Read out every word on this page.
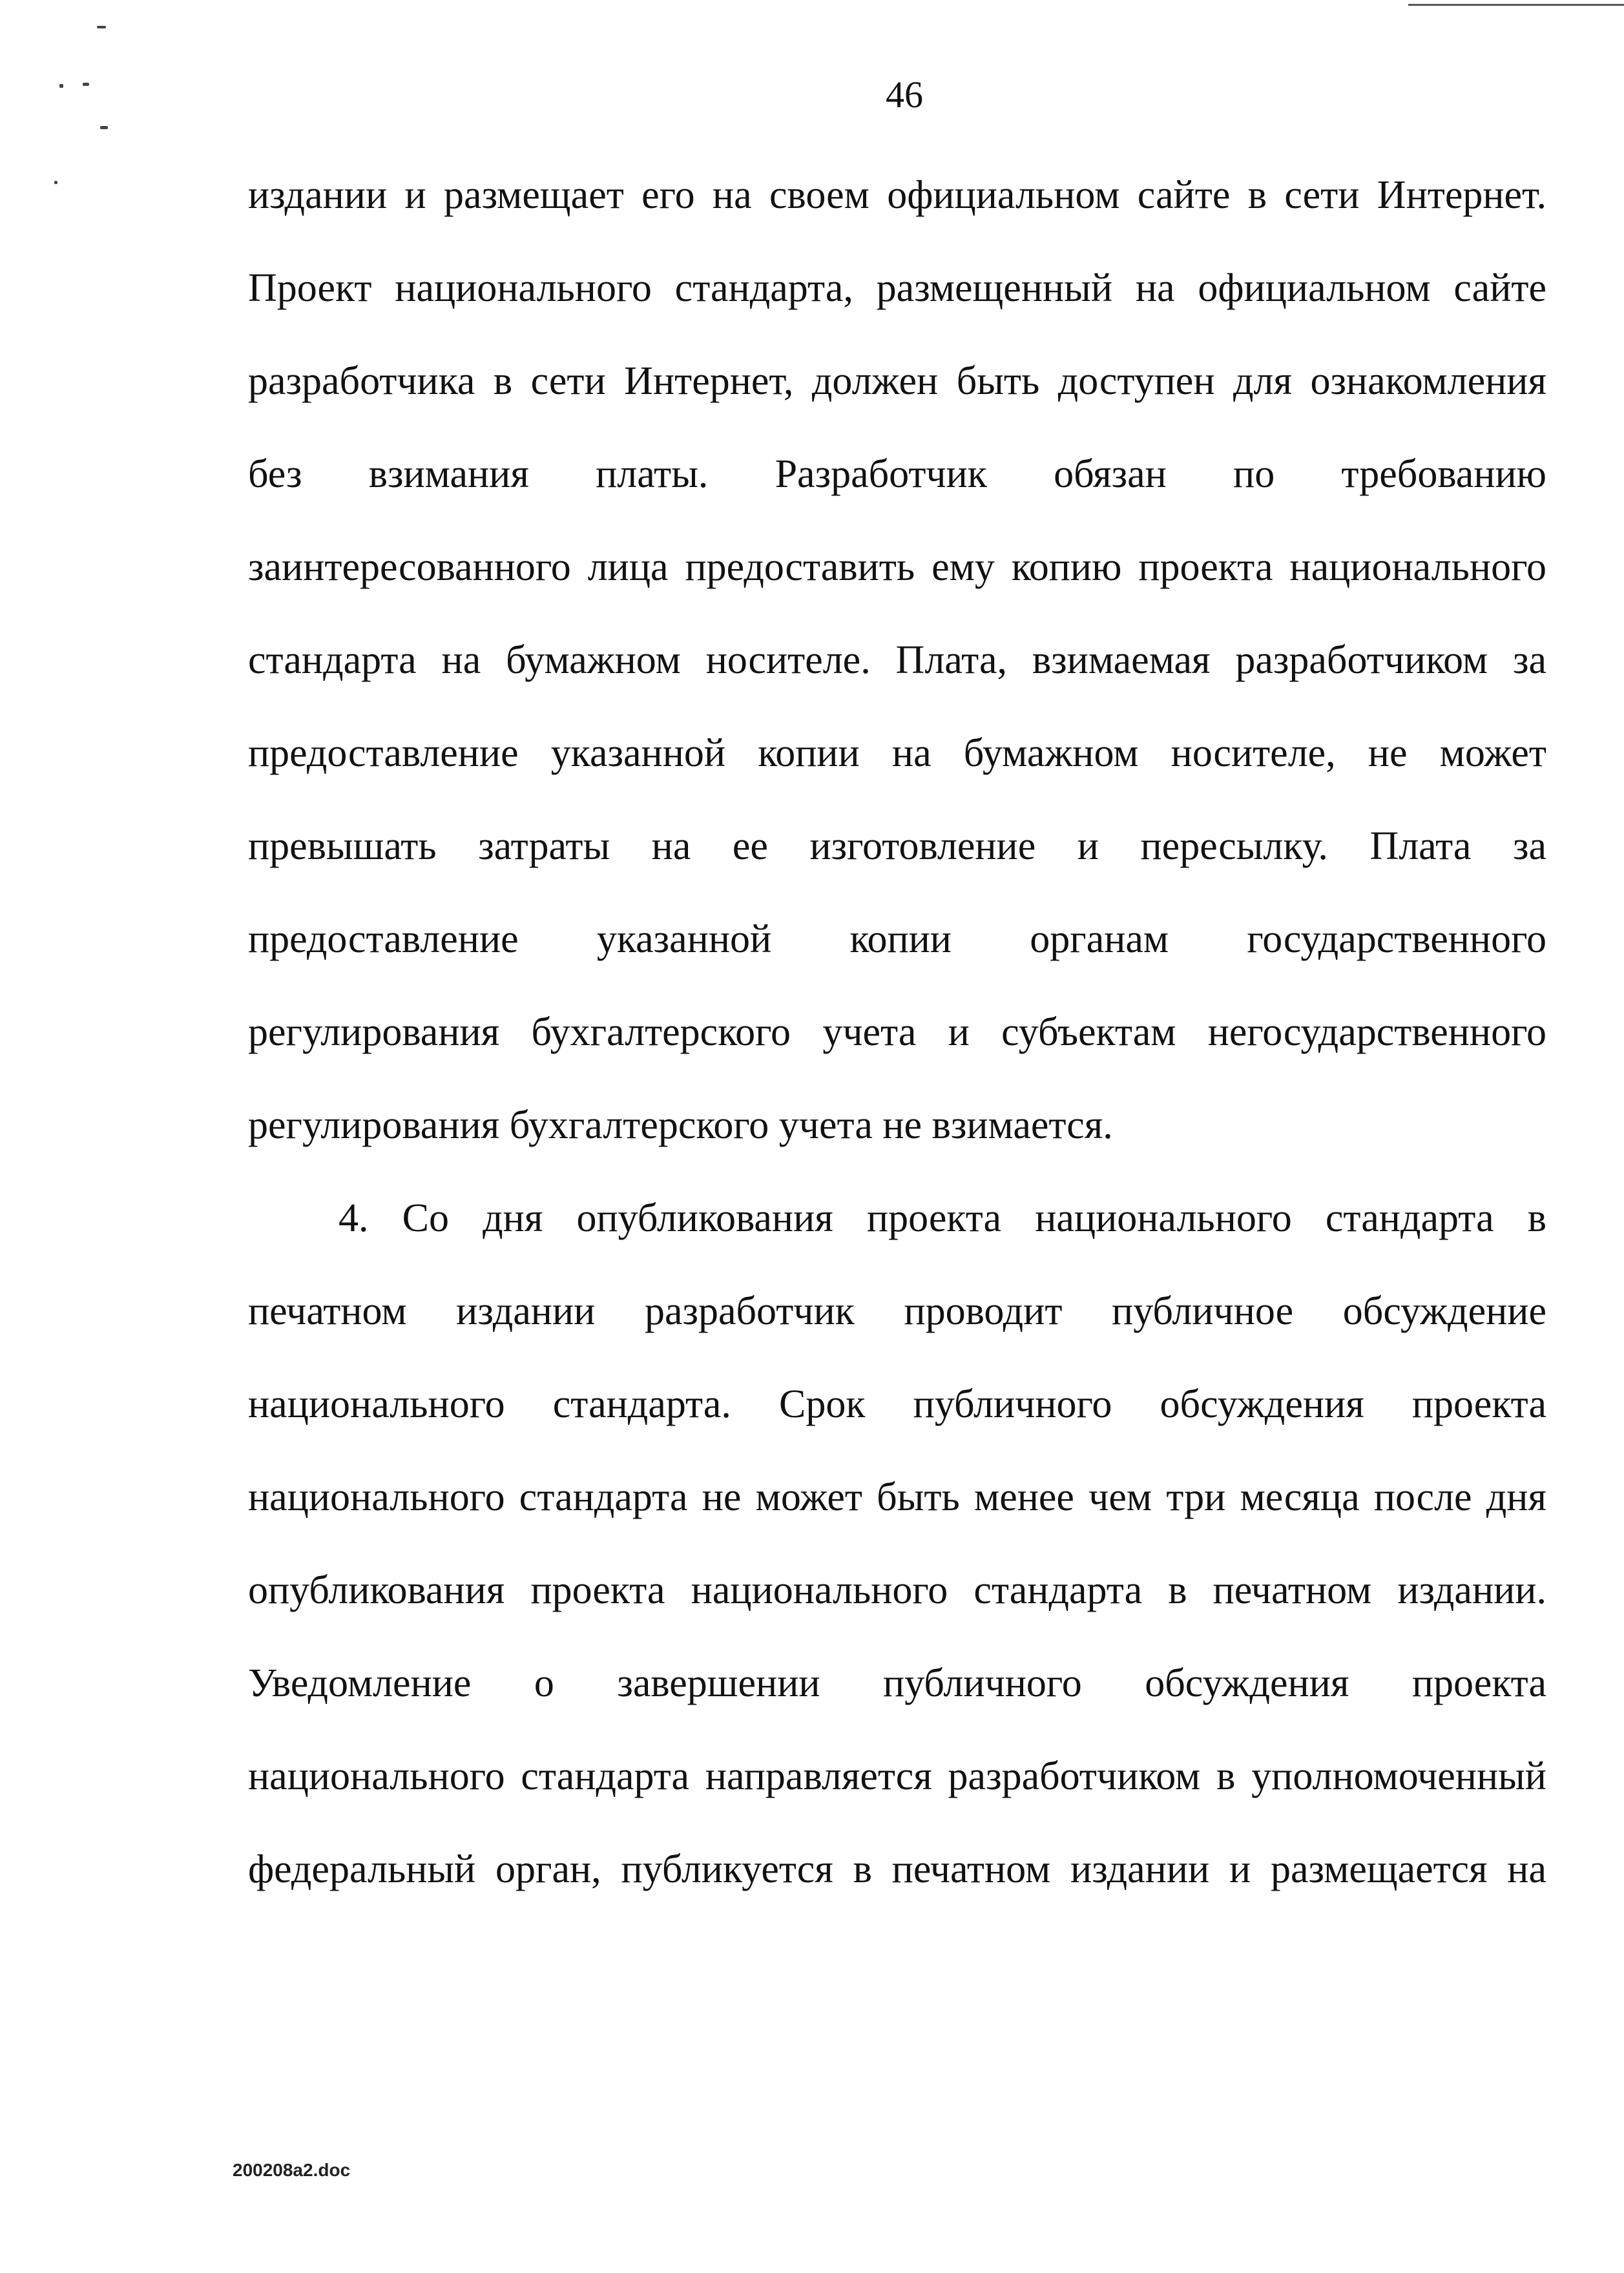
46
издании и размещает его на своем официальном сайте в сети Интернет.
Проект национального стандарта, размещенный на официальном сайте
разработчика в сети Интернет, должен быть доступен для ознакомления
без взимания платы. Разработчик обязан по требованию
заинтересованного лица предоставить ему копию проекта национального
стандарта на бумажном носителе. Плата, взимаемая разработчиком за
предоставление указанной копии на бумажном носителе, не может
превышать затраты на ее изготовление и пересылку. Плата за
предоставление указанной копии органам государственного
регулирования бухгалтерского учета и субъектам негосударственного
регулирования бухгалтерского учета не взимается.
4. Со дня опубликования проекта национального стандарта в
печатном издании разработчик проводит публичное обсуждение
национального стандарта. Срок публичного обсуждения проекта
национального стандарта не может быть менее чем три месяца после дня
опубликования проекта национального стандарта в печатном издании.
Уведомление о завершении публичного обсуждения проекта
национального стандарта направляется разработчиком в уполномоченный
федеральный орган, публикуется в печатном издании и размещается на
200208a2.doc
